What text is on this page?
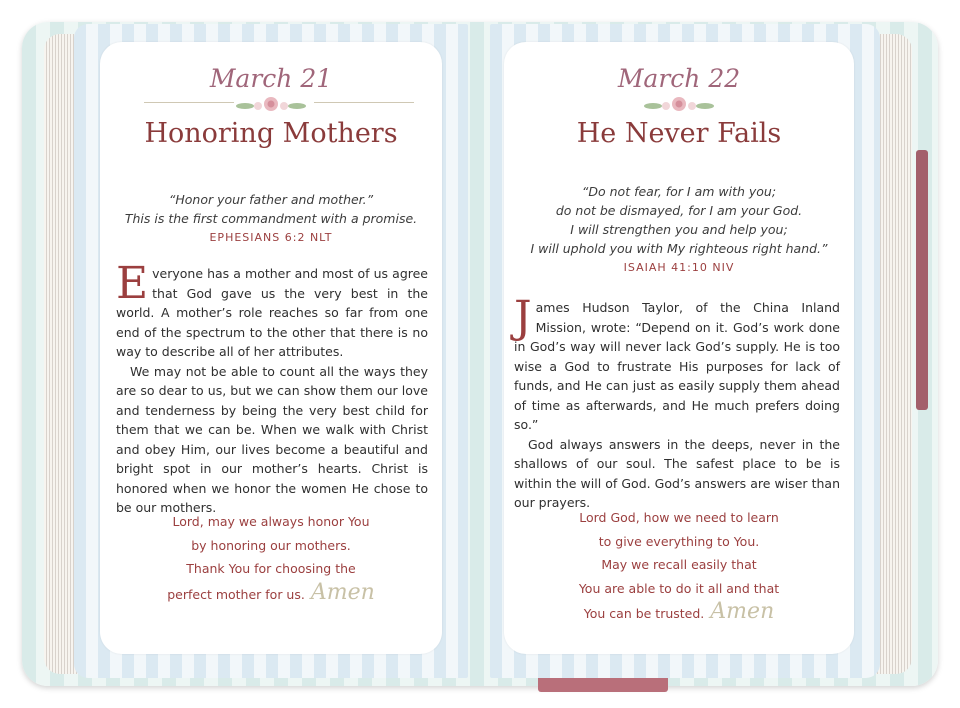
March 21
Honoring Mothers
“Honor your father and mother.”
This is the first commandment with a promise.
EPHESIANS 6:2 NLT

Everyone has a mother and most of us agree that God gave us the very best in the world. A mother’s role reaches so far from one end of the spectrum to the other that there is no way to describe all of her attributes.

We may not be able to count all the ways they are so dear to us, but we can show them our love and tenderness by being the very best child for them that we can be. When we walk with Christ and obey Him, our lives become a beautiful and bright spot in our mother’s hearts. Christ is honored when we honor the women He chose to be our mothers.

Lord, may we always honor You
by honoring our mothers.
Thank You for choosing the
perfect mother for us. Amen
March 22
He Never Fails
“Do not fear, for I am with you;
do not be dismayed, for I am your God.
I will strengthen you and help you;
I will uphold you with My righteous right hand.”
ISAIAH 41:10 NIV

James Hudson Taylor, of the China Inland Mission, wrote: “Depend on it. God’s work done in God’s way will never lack God’s supply. He is too wise a God to frustrate His purposes for lack of funds, and He can just as easily supply them ahead of time as afterwards, and He much prefers doing so.”

God always answers in the deeps, never in the shallows of our soul. The safest place to be is within the will of God. God’s answers are wiser than our prayers.

Lord God, how we need to learn
to give everything to You.
May we recall easily that
You are able to do it all and that
You can be trusted. Amen
